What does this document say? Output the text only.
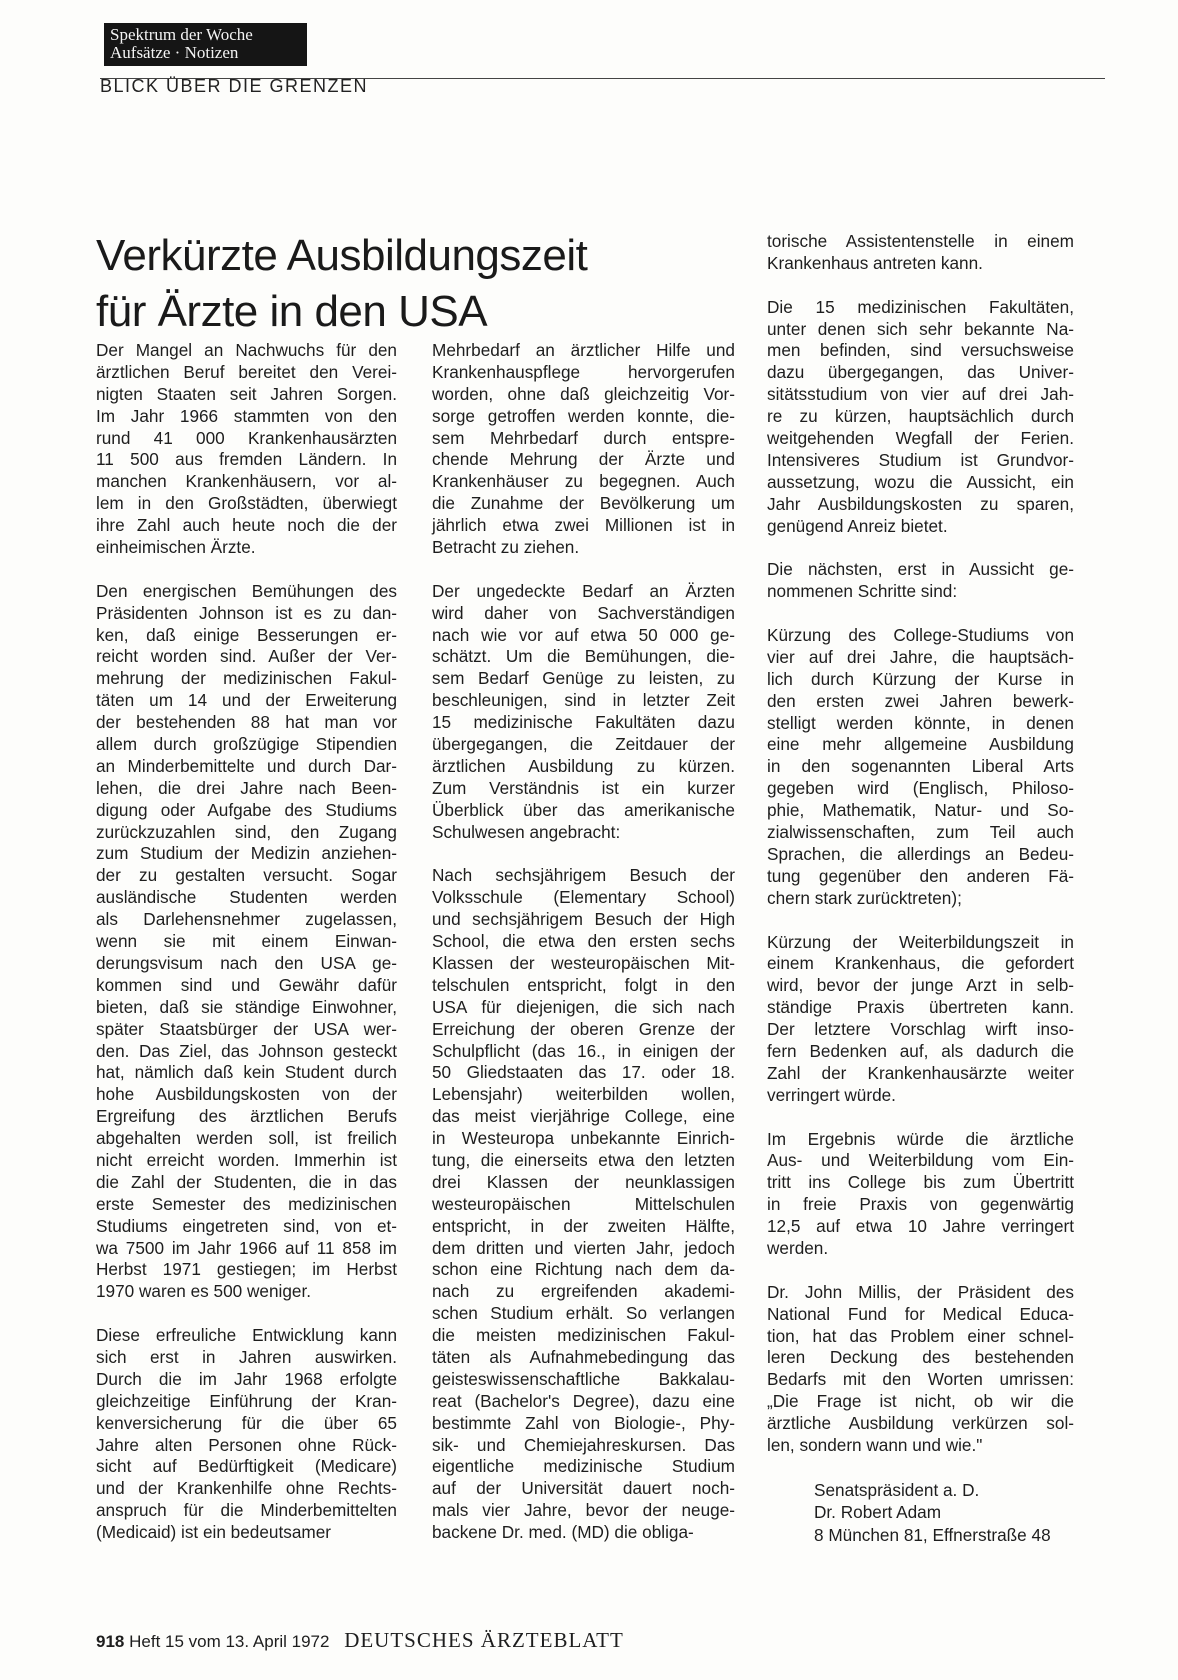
Spektrum der Woche
Aufsätze · Notizen
BLICK ÜBER DIE GRENZEN
Verkürzte Ausbildungszeit
für Ärzte in den USA
Der Mangel an Nachwuchs für den
ärztlichen Beruf bereitet den Verei-
nigten Staaten seit Jahren Sorgen.
Im Jahr 1966 stammten von den
rund 41 000 Krankenhausärzten
11 500 aus fremden Ländern. In
manchen Krankenhäusern, vor al-
lem in den Großstädten, überwiegt
ihre Zahl auch heute noch die der
einheimischen Ärzte.
Den energischen Bemühungen des
Präsidenten Johnson ist es zu dan-
ken, daß einige Besserungen er-
reicht worden sind. Außer der Ver-
mehrung der medizinischen Fakul-
täten um 14 und der Erweiterung
der bestehenden 88 hat man vor
allem durch großzügige Stipendien
an Minderbemittelte und durch Dar-
lehen, die drei Jahre nach Been-
digung oder Aufgabe des Studiums
zurückzuzahlen sind, den Zugang
zum Studium der Medizin anziehen-
der zu gestalten versucht. Sogar
ausländische Studenten werden
als Darlehensnehmer zugelassen,
wenn sie mit einem Einwan-
derungsvisum nach den USA ge-
kommen sind und Gewähr dafür
bieten, daß sie ständige Einwohner,
später Staatsbürger der USA wer-
den. Das Ziel, das Johnson gesteckt
hat, nämlich daß kein Student durch
hohe Ausbildungskosten von der
Ergreifung des ärztlichen Berufs
abgehalten werden soll, ist freilich
nicht erreicht worden. Immerhin ist
die Zahl der Studenten, die in das
erste Semester des medizinischen
Studiums eingetreten sind, von et-
wa 7500 im Jahr 1966 auf 11 858 im
Herbst 1971 gestiegen; im Herbst
1970 waren es 500 weniger.
Diese erfreuliche Entwicklung kann
sich erst in Jahren auswirken.
Durch die im Jahr 1968 erfolgte
gleichzeitige Einführung der Kran-
kenversicherung für die über 65
Jahre alten Personen ohne Rück-
sicht auf Bedürftigkeit (Medicare)
und der Krankenhilfe ohne Rechts-
anspruch für die Minderbemittelten
(Medicaid) ist ein bedeutsamer
Mehrbedarf an ärztlicher Hilfe und
Krankenhauspflege hervorgerufen
worden, ohne daß gleichzeitig Vor-
sorge getroffen werden konnte, die-
sem Mehrbedarf durch entspre-
chende Mehrung der Ärzte und
Krankenhäuser zu begegnen. Auch
die Zunahme der Bevölkerung um
jährlich etwa zwei Millionen ist in
Betracht zu ziehen.
Der ungedeckte Bedarf an Ärzten
wird daher von Sachverständigen
nach wie vor auf etwa 50 000 ge-
schätzt. Um die Bemühungen, die-
sem Bedarf Genüge zu leisten, zu
beschleunigen, sind in letzter Zeit
15 medizinische Fakultäten dazu
übergegangen, die Zeitdauer der
ärztlichen Ausbildung zu kürzen.
Zum Verständnis ist ein kurzer
Überblick über das amerikanische
Schulwesen angebracht:
Nach sechsjährigem Besuch der
Volksschule (Elementary School)
und sechsjährigem Besuch der High
School, die etwa den ersten sechs
Klassen der westeuropäischen Mit-
telschulen entspricht, folgt in den
USA für diejenigen, die sich nach
Erreichung der oberen Grenze der
Schulpflicht (das 16., in einigen der
50 Gliedstaaten das 17. oder 18.
Lebensjahr) weiterbilden wollen,
das meist vierjährige College, eine
in Westeuropa unbekannte Einrich-
tung, die einerseits etwa den letzten
drei Klassen der neunklassigen
westeuropäischen Mittelschulen
entspricht, in der zweiten Hälfte,
dem dritten und vierten Jahr, jedoch
schon eine Richtung nach dem da-
nach zu ergreifenden akademi-
schen Studium erhält. So verlangen
die meisten medizinischen Fakul-
täten als Aufnahmebedingung das
geisteswissenschaftliche Bakkalau-
reat (Bachelor's Degree), dazu eine
bestimmte Zahl von Biologie-, Phy-
sik- und Chemiejahreskursen. Das
eigentliche medizinische Studium
auf der Universität dauert noch-
mals vier Jahre, bevor der neuge-
backene Dr. med. (MD) die obliga-
torische Assistentenstelle in einem
Krankenhaus antreten kann.
Die 15 medizinischen Fakultäten,
unter denen sich sehr bekannte Na-
men befinden, sind versuchsweise
dazu übergegangen, das Univer-
sitätsstudium von vier auf drei Jah-
re zu kürzen, hauptsächlich durch
weitgehenden Wegfall der Ferien.
Intensiveres Studium ist Grundvor-
aussetzung, wozu die Aussicht, ein
Jahr Ausbildungskosten zu sparen,
genügend Anreiz bietet.
Die nächsten, erst in Aussicht ge-
nommenen Schritte sind:
Kürzung des College-Studiums von
vier auf drei Jahre, die hauptsäch-
lich durch Kürzung der Kurse in
den ersten zwei Jahren bewerk-
stelligt werden könnte, in denen
eine mehr allgemeine Ausbildung
in den sogenannten Liberal Arts
gegeben wird (Englisch, Philoso-
phie, Mathematik, Natur- und So-
zialwissenschaften, zum Teil auch
Sprachen, die allerdings an Bedeu-
tung gegenüber den anderen Fä-
chern stark zurücktreten);
Kürzung der Weiterbildungszeit in
einem Krankenhaus, die gefordert
wird, bevor der junge Arzt in selb-
ständige Praxis übertreten kann.
Der letztere Vorschlag wirft inso-
fern Bedenken auf, als dadurch die
Zahl der Krankenhausärzte weiter
verringert würde.
Im Ergebnis würde die ärztliche
Aus- und Weiterbildung vom Ein-
tritt ins College bis zum Übertritt
in freie Praxis von gegenwärtig
12,5 auf etwa 10 Jahre verringert
werden.
Dr. John Millis, der Präsident des
National Fund for Medical Educa-
tion, hat das Problem einer schnel-
leren Deckung des bestehenden
Bedarfs mit den Worten umrissen:
„Die Frage ist nicht, ob wir die
ärztliche Ausbildung verkürzen sol-
len, sondern wann und wie."
Senatspräsident a. D.
Dr. Robert Adam
8 München 81, Effnerstraße 48
918 Heft 15 vom 13. April 1972 DEUTSCHES ÄRZTEBLATT
